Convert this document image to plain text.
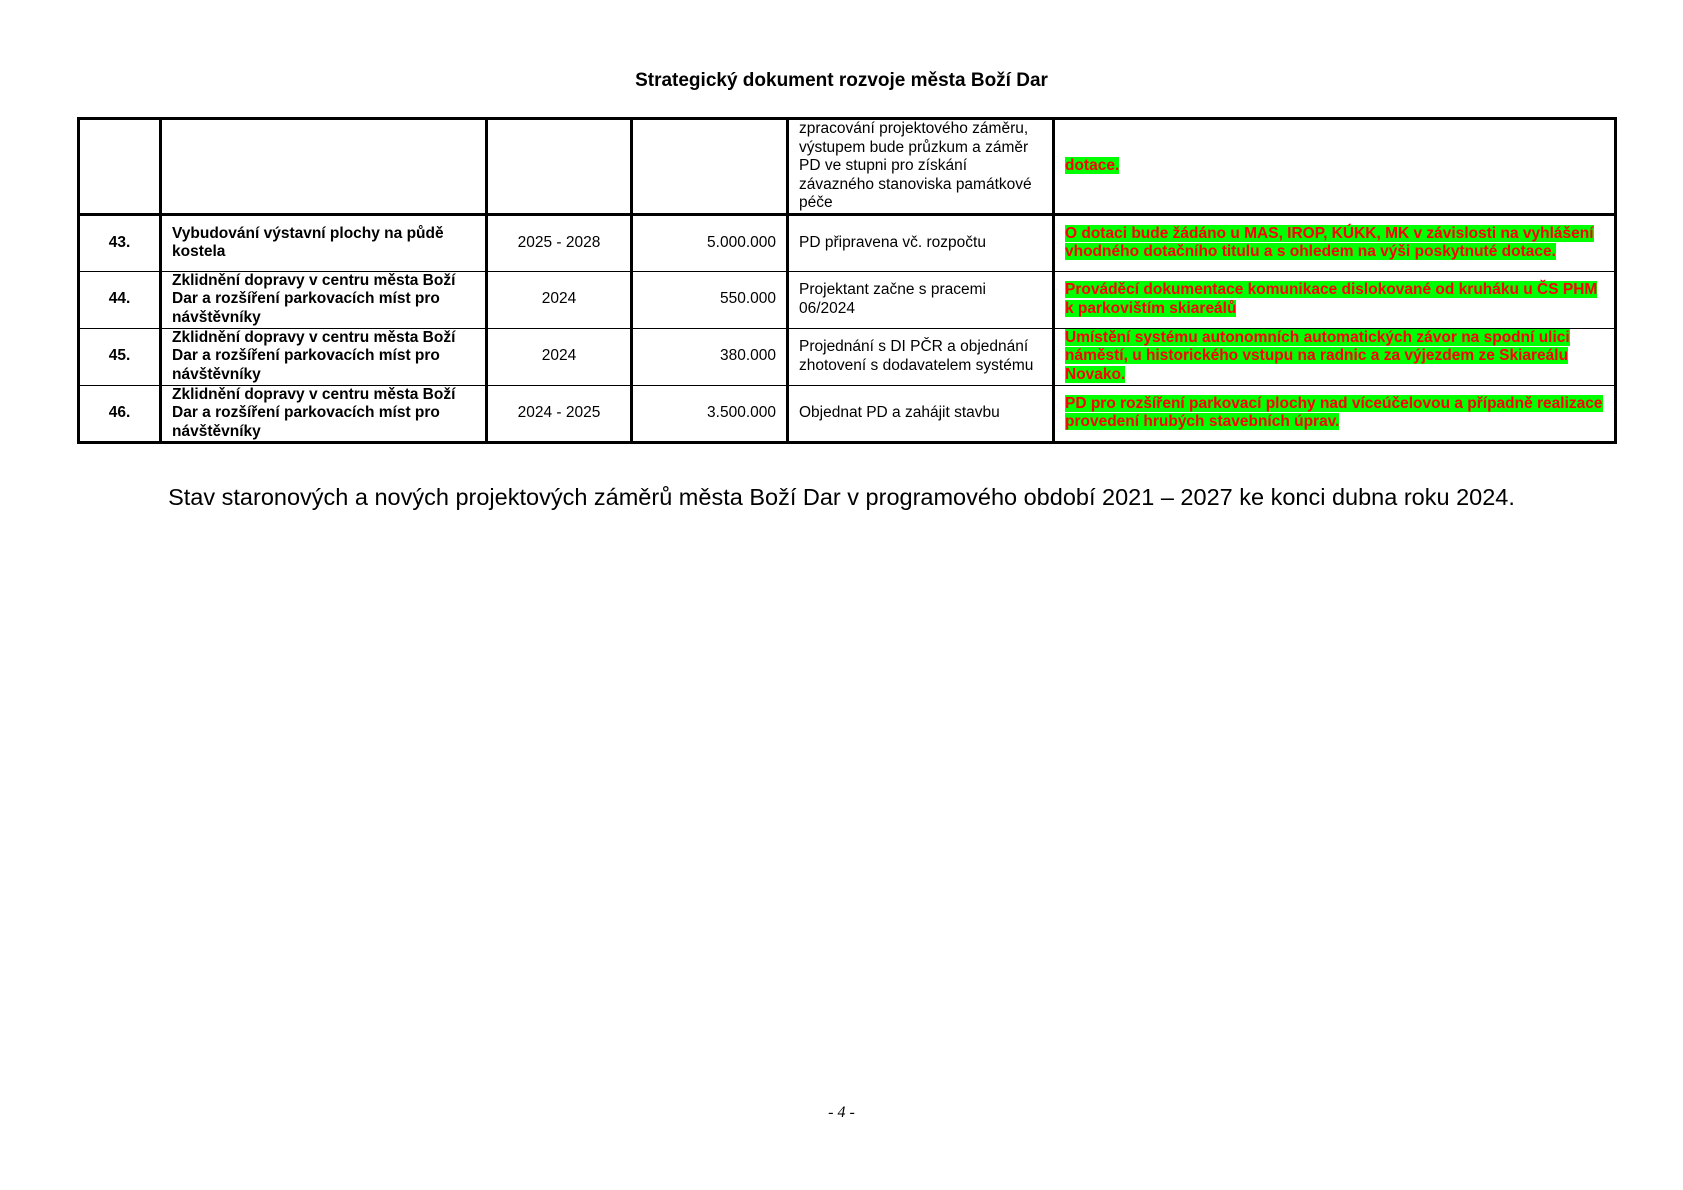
Strategický dokument rozvoje města Boží Dar
				zpracování projektového záměru, výstupem bude průzkum a záměr PD ve stupni pro získání závazného stanoviska památkové péče	dotace.
43.	Vybudování výstavní plochy na půdě kostela	2025 - 2028	5.000.000	PD připravena vč. rozpočtu	O dotaci bude žádáno u MAS, IROP, KÚKK, MK v závislosti na vyhlášení vhodného dotačního titulu a s ohledem na výši poskytnuté dotace.
44.	Zklidnění dopravy v centru města Boží Dar a rozšíření parkovacích míst pro návštěvníky	2024	550.000	Projektant začne s pracemi 06/2024	Prováděcí dokumentace komunikace dislokované od kruháku u ČS PHM k parkovištím skiareálů
45.	Zklidnění dopravy v centru města Boží Dar a rozšíření parkovacích míst pro návštěvníky	2024	380.000	Projednání s DI PČR a objednání zhotovení s dodavatelem systému	Umístění systému autonomních automatických závor na spodní ulici náměstí, u historického vstupu na radnic a za výjezdem ze Skiareálu Novako.
46.	Zklidnění dopravy v centru města Boží Dar a rozšíření parkovacích míst pro návštěvníky	2024 - 2025	3.500.000	Objednat PD a zahájit stavbu	PD pro rozšíření parkovací plochy nad víceúčelovou a případně realizace provedení hrubých stavebních úprav.
Stav staronových a nových projektových záměrů města Boží Dar v programového období 2021 – 2027 ke konci dubna roku 2024.
- 4 -
